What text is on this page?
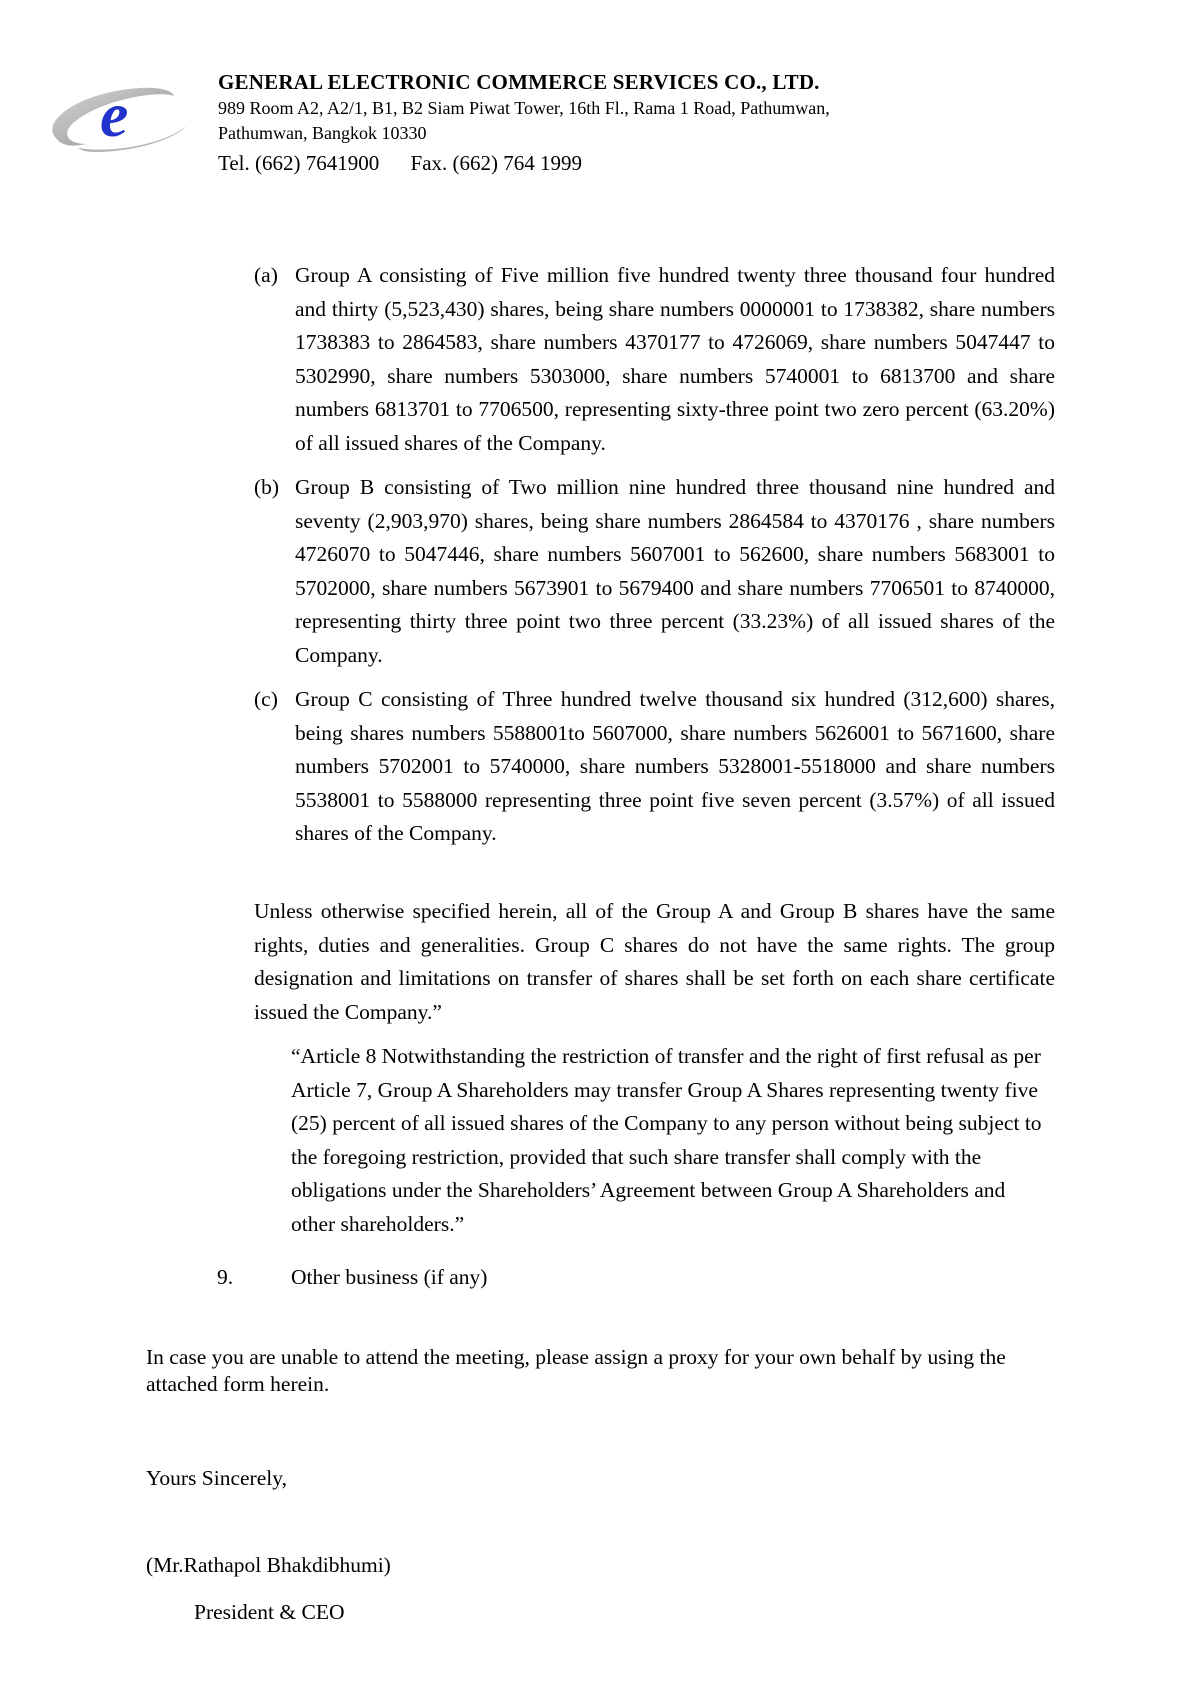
e	GENERAL ELECTRONIC COMMERCE SERVICES CO., LTD.
989 Room A2, A2/1, B1, B2 Siam Piwat Tower, 16th Fl., Rama 1 Road, Pathumwan,
Pathumwan, Bangkok 10330
Tel. (662) 7641900 Fax. (662) 764 1999
(a) Group A consisting of Five million five hundred twenty three thousand four hundred and thirty (5,523,430) shares, being share numbers 0000001 to 1738382, share numbers 1738383 to 2864583, share numbers 4370177 to 4726069, share numbers 5047447 to 5302990, share numbers 5303000, share numbers 5740001 to 6813700 and share numbers 6813701 to 7706500, representing sixty-three point two zero percent (63.20%) of all issued shares of the Company.
(b) Group B consisting of Two million nine hundred three thousand nine hundred and seventy (2,903,970) shares, being share numbers 2864584 to 4370176 , share numbers 4726070 to 5047446, share numbers 5607001 to 562600, share numbers 5683001 to 5702000, share numbers 5673901 to 5679400 and share numbers 7706501 to 8740000, representing thirty three point two three percent (33.23%) of all issued shares of the Company.
(c) Group C consisting of Three hundred twelve thousand six hundred (312,600) shares, being shares numbers 5588001to 5607000, share numbers 5626001 to 5671600, share numbers 5702001 to 5740000, share numbers 5328001-5518000 and share numbers 5538001 to 5588000 representing three point five seven percent (3.57%) of all issued shares of the Company.
Unless otherwise specified herein, all of the Group A and Group B shares have the same rights, duties and generalities. Group C shares do not have the same rights. The group designation and limitations on transfer of shares shall be set forth on each share certificate issued the Company.”
“Article 8 Notwithstanding the restriction of transfer and the right of first refusal as per Article 7, Group A Shareholders may transfer Group A Shares representing twenty five (25) percent of all issued shares of the Company to any person without being subject to the foregoing restriction, provided that such share transfer shall comply with the obligations under the Shareholders’ Agreement between Group A Shareholders and other shareholders.”
9.	Other business (if any)
In case you are unable to attend the meeting, please assign a proxy for your own behalf by using the attached form herein.
Yours Sincerely,
(Mr.Rathapol Bhakdibhumi)
President & CEO
